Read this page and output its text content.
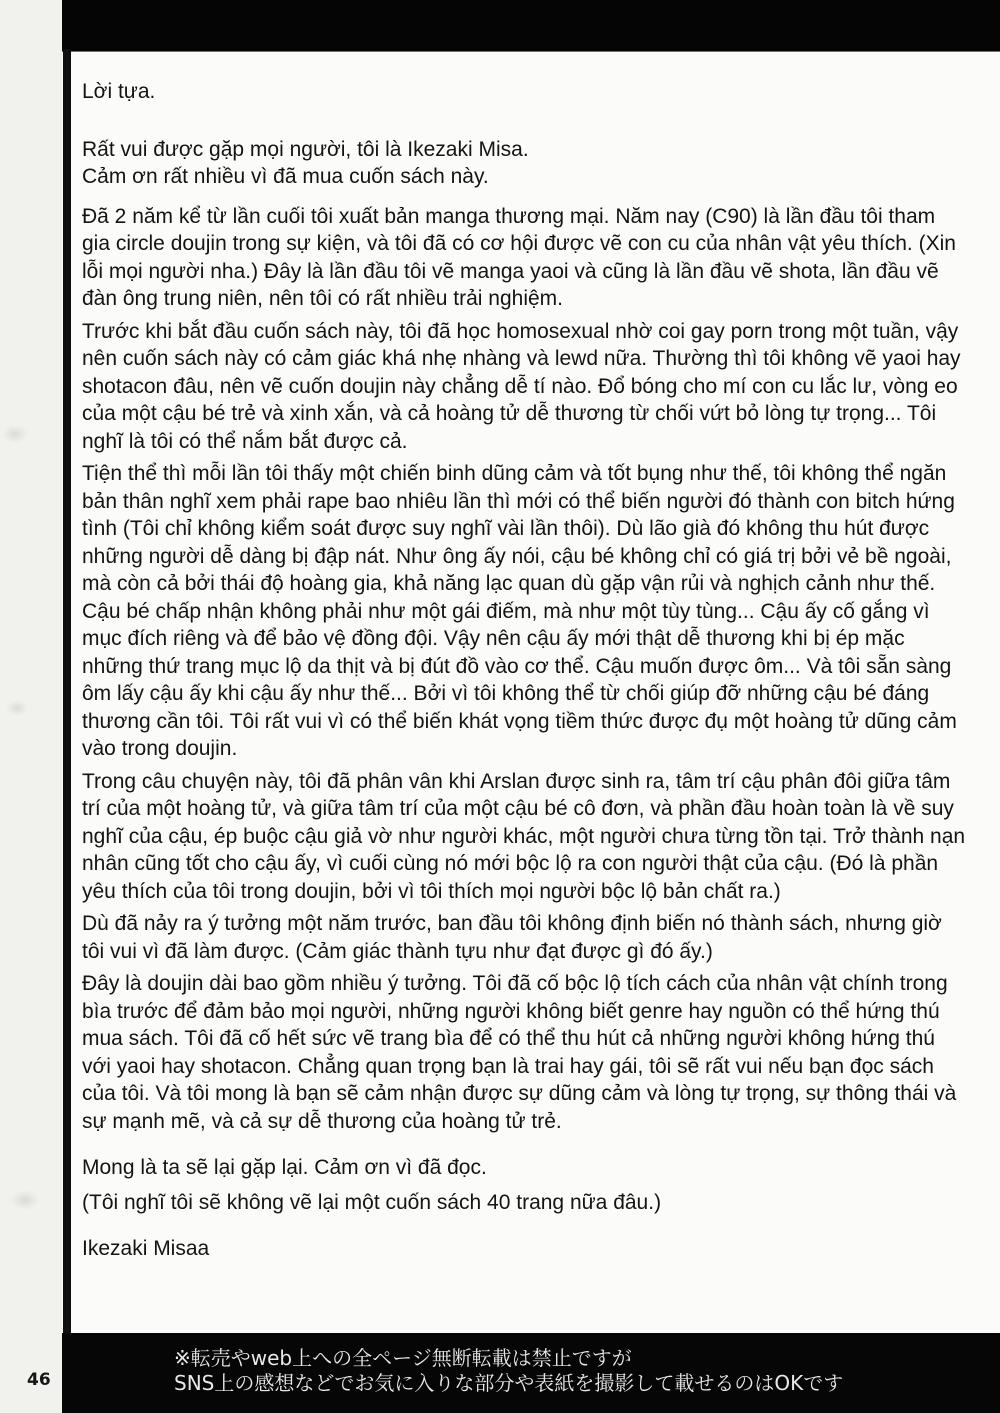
Lời tựa.

Rất vui được gặp mọi người, tôi là Ikezaki Misa.

Cảm ơn rất nhiều vì đã mua cuốn sách này.

Đã 2 năm kể từ lần cuối tôi xuất bản manga thương mại. Năm nay (C90) là lần đầu tôi tham gia circle doujin trong sự kiện, và tôi đã có cơ hội được vẽ con cu của nhân vật yêu thích. (Xin lỗi mọi người nha.) Đây là lần đầu tôi vẽ manga yaoi và cũng là lần đầu vẽ shota, lần đầu vẽ đàn ông trung niên, nên tôi có rất nhiều trải nghiệm.

Trước khi bắt đầu cuốn sách này, tôi đã học homosexual nhờ coi gay porn trong một tuần, vậy nên cuốn sách này có cảm giác khá nhẹ nhàng và lewd nữa. Thường thì tôi không vẽ yaoi hay shotacon đâu, nên vẽ cuốn doujin này chẳng dễ tí nào. Đổ bóng cho mí con cu lắc lư, vòng eo của một cậu bé trẻ và xinh xắn, và cả hoàng tử dễ thương từ chối vứt bỏ lòng tự trọng... Tôi nghĩ là tôi có thể nắm bắt được cả.

Tiện thể thì mỗi lần tôi thấy một chiến binh dũng cảm và tốt bụng như thế, tôi không thể ngăn bản thân nghĩ xem phải rape bao nhiêu lần thì mới có thể biến người đó thành con bitch hứng tình (Tôi chỉ không kiểm soát được suy nghĩ vài lần thôi). Dù lão già đó không thu hút được những người dễ dàng bị đập nát. Như ông ấy nói, cậu bé không chỉ có giá trị bởi vẻ bề ngoài, mà còn cả bởi thái độ hoàng gia, khả năng lạc quan dù gặp vận rủi và nghịch cảnh như thế. Cậu bé chấp nhận không phải như một gái điếm, mà như một tùy tùng... Cậu ấy cố gắng vì mục đích riêng và để bảo vệ đồng đội. Vậy nên cậu ấy mới thật dễ thương khi bị ép mặc những thứ trang mục lộ da thịt và bị đút đồ vào cơ thể. Cậu muốn được ôm... Và tôi sẵn sàng ôm lấy cậu ấy khi cậu ấy như thế... Bởi vì tôi không thể từ chối giúp đỡ những cậu bé đáng thương cần tôi. Tôi rất vui vì có thể biến khát vọng tiềm thức được đụ một hoàng tử dũng cảm vào trong doujin.

Trong câu chuyện này, tôi đã phân vân khi Arslan được sinh ra, tâm trí cậu phân đôi giữa tâm trí của một hoàng tử, và giữa tâm trí của một cậu bé cô đơn, và phần đầu hoàn toàn là về suy nghĩ của cậu, ép buộc cậu giả vờ như người khác, một người chưa từng tồn tại. Trở thành nạn nhân cũng tốt cho cậu ấy, vì cuối cùng nó mới bộc lộ ra con người thật của cậu. (Đó là phần yêu thích của tôi trong doujin, bởi vì tôi thích mọi người bộc lộ bản chất ra.)

Dù đã nảy ra ý tưởng một năm trước, ban đầu tôi không định biến nó thành sách, nhưng giờ tôi vui vì đã làm được. (Cảm giác thành tựu như đạt được gì đó ấy.)

Đây là doujin dài bao gồm nhiều ý tưởng. Tôi đã cố bộc lộ tích cách của nhân vật chính trong bìa trước để đảm bảo mọi người, những người không biết genre hay nguồn có thể hứng thú mua sách. Tôi đã cố hết sức vẽ trang bìa để có thể thu hút cả những người không hứng thú với yaoi hay shotacon. Chẳng quan trọng bạn là trai hay gái, tôi sẽ rất vui nếu bạn đọc sách của tôi. Và tôi mong là bạn sẽ cảm nhận được sự dũng cảm và lòng tự trọng, sự thông thái và sự mạnh mẽ, và cả sự dễ thương của hoàng tử trẻ.

Mong là ta sẽ lại gặp lại. Cảm ơn vì đã đọc.

(Tôi nghĩ tôi sẽ không vẽ lại một cuốn sách 40 trang nữa đâu.)

Ikezaki Misaa

※転売やweb上への全ページ無断転載は禁止ですが
SNS上の感想などでお気に入りな部分や表紙を撮影して載せるのはOKです
46
